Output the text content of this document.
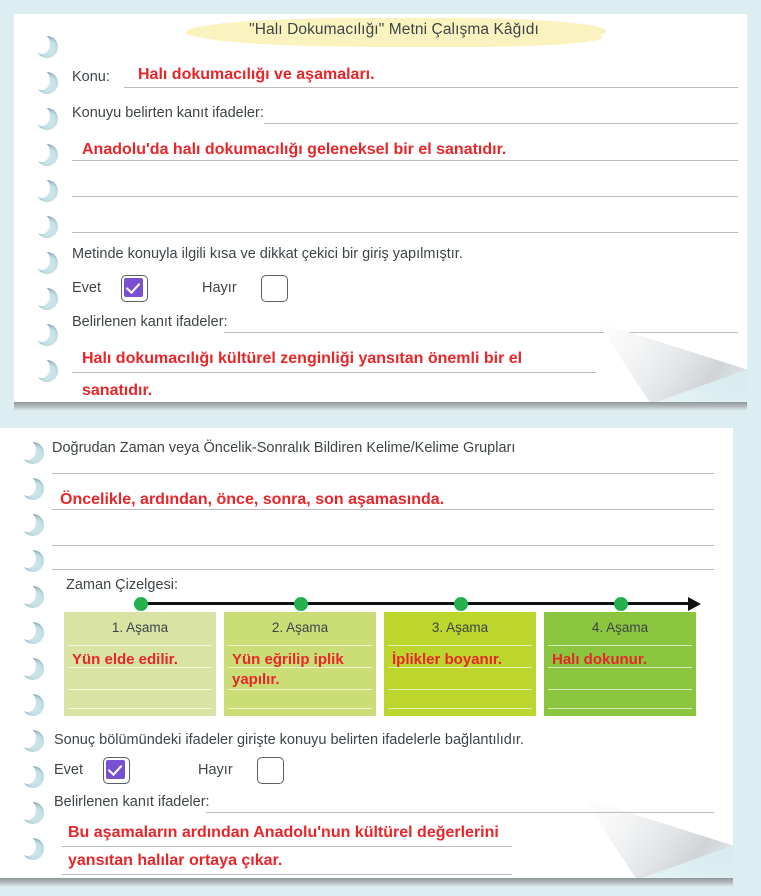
"Halı Dokumacılığı" Metni Çalışma Kâğıdı
Konu: Halı dokumacılığı ve aşamaları.
Konuyu belirten kanıt ifadeler:
Anadolu'da halı dokumacılığı geleneksel bir el sanatıdır.
Metinde konuyla ilgili kısa ve dikkat çekici bir giriş yapılmıştır.
Evet	Hayır
Belirlenen kanıt ifadeler:
Halı dokumacılığı kültürel zenginliği yansıtan önemli bir el
sanatıdır.
Doğrudan Zaman veya Öncelik-Sonralık Bildiren Kelime/Kelime Grupları
Öncelikle, ardından, önce, sonra, son aşamasında.
Zaman Çizelgesi:
1. Aşama
Yün elde edilir.
2. Aşama
Yün eğrilip iplik yapılır.
3. Aşama
İplikler boyanır.
4. Aşama
Halı dokunur.
Sonuç bölümündeki ifadeler girişte konuyu belirten ifadelerle bağlantılıdır.
Evet	Hayır
Belirlenen kanıt ifadeler:
Bu aşamaların ardından Anadolu'nun kültürel değerlerini
yansıtan halılar ortaya çıkar.
